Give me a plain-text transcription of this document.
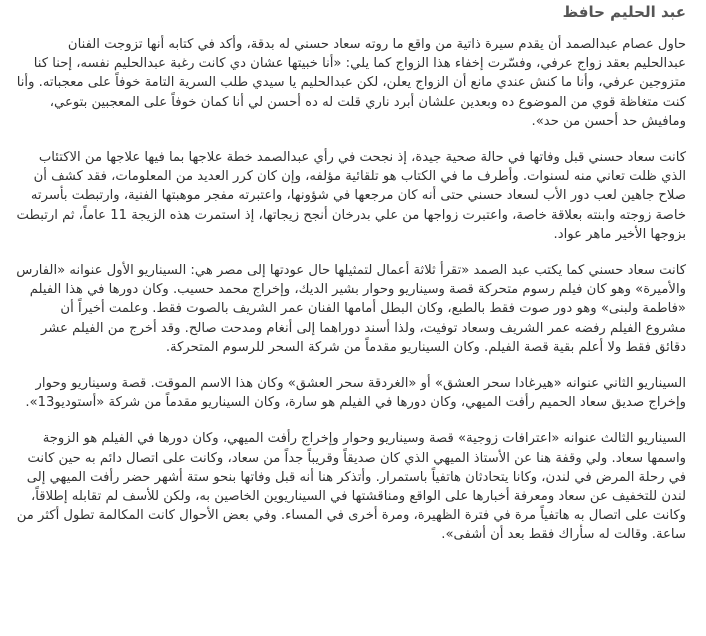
عبد الحليم حافظ

حاول عصام عبدالصمد أن يقدم سيرة ذاتية من واقع ما روته سعاد حسني له بدقة، وأكد في كتابه أنها تزوجت الفنان عبدالحليم بعقد زواج عرفي، وفسّرت إخفاء هذا الزواج كما يلي: «أنا خبيتها عشان دي كانت رغبة عبدالحليم نفسه، إحنا كنا متزوجين عرفي، وأنا ما كنش عندي مانع أن الزواج يعلن، لكن عبدالحليم يا سيدي طلب السرية التامة خوفاً على معجباته. وأنا كنت متغاظة قوي من الموضوع ده وبعدين علشان أبرد ناري قلت له ده أحسن لي أنا كمان خوفاً على المعجبين بتوعي، ومافيش حد أحسن من حد».

كانت سعاد حسني قبل وفاتها في حالة صحية جيدة، إذ نجحت في رأي عبدالصمد خطة علاجها بما فيها علاجها من الاكتئاب الذي ظلت تعاني منه لسنوات. وأطرف ما في الكتاب هو تلقائية مؤلفه، وإن كان كرر العديد من المعلومات، فقد كشف أن صلاح جاهين لعب دور الأب لسعاد حسني حتى أنه كان مرجعها في شؤونها، واعتبرته مفجر موهبتها الفنية، وارتبطت بأسرته خاصة زوجته وابنته بعلاقة خاصة، واعتبرت زواجها من علي بدرخان أنجح زيجاتها، إذ استمرت هذه الزيجة 11 عاماً، ثم ارتبطت بزوجها الأخير ماهر عواد.

كانت سعاد حسني كما يكتب عبد الصمد «تقرأ ثلاثة أعمال لتمثيلها حال عودتها إلى مصر هي: السيناريو الأول عنوانه «الفارس والأميرة» وهو كان فيلم رسوم متحركة قصة وسيناريو وحوار بشير الديك، وإخراج محمد حسيب. وكان دورها في هذا الفيلم «فاطمة ولبنى» وهو دور صوت فقط بالطبع، وكان البطل أمامها الفنان عمر الشريف بالصوت فقط. وعلمت أخيراً أن مشروع الفيلم رفضه عمر الشريف وسعاد توفيت، ولذا أسند دوراهما إلى أنغام ومدحت صالح. وقد أخرج من الفيلم عشر دقائق فقط ولا أعلم بقية قصة الفيلم. وكان السيناريو مقدماً من شركة السحر للرسوم المتحركة.

السيناريو الثاني عنوانه «هيرغادا سحر العشق» أو «الغردقة سحر العشق» وكان هذا الاسم الموقت. قصة وسيناريو وحوار وإخراج صديق سعاد الحميم رأفت الميهي، وكان دورها في الفيلم هو سارة، وكان السيناريو مقدماً من شركة «أستوديو13».

السيناريو الثالث عنوانه «اعترافات زوجية» قصة وسيناريو وحوار وإخراج رأفت الميهي، وكان دورها في الفيلم هو الزوجة واسمها سعاد. ولي وقفة هنا عن الأستاذ الميهي الذي كان صديقاً وقريباً جداً من سعاد، وكانت على اتصال دائم به حين كانت في رحلة المرض في لندن، وكانا يتحادثان هاتفياً باستمرار. وأتذكر هنا أنه قبل وفاتها بنحو ستة أشهر حضر رأفت الميهي إلى لندن للتخفيف عن سعاد ومعرفة أخبارها على الواقع ومناقشتها في السيناريوين الخاصين به، ولكن للأسف لم تقابله إطلاقاً، وكانت على اتصال به هاتفياً مرة في فترة الظهيرة، ومرة أخرى في المساء. وفي بعض الأحوال كانت المكالمة تطول أكثر من ساعة. وقالت له سأراك فقط بعد أن أشفى».
